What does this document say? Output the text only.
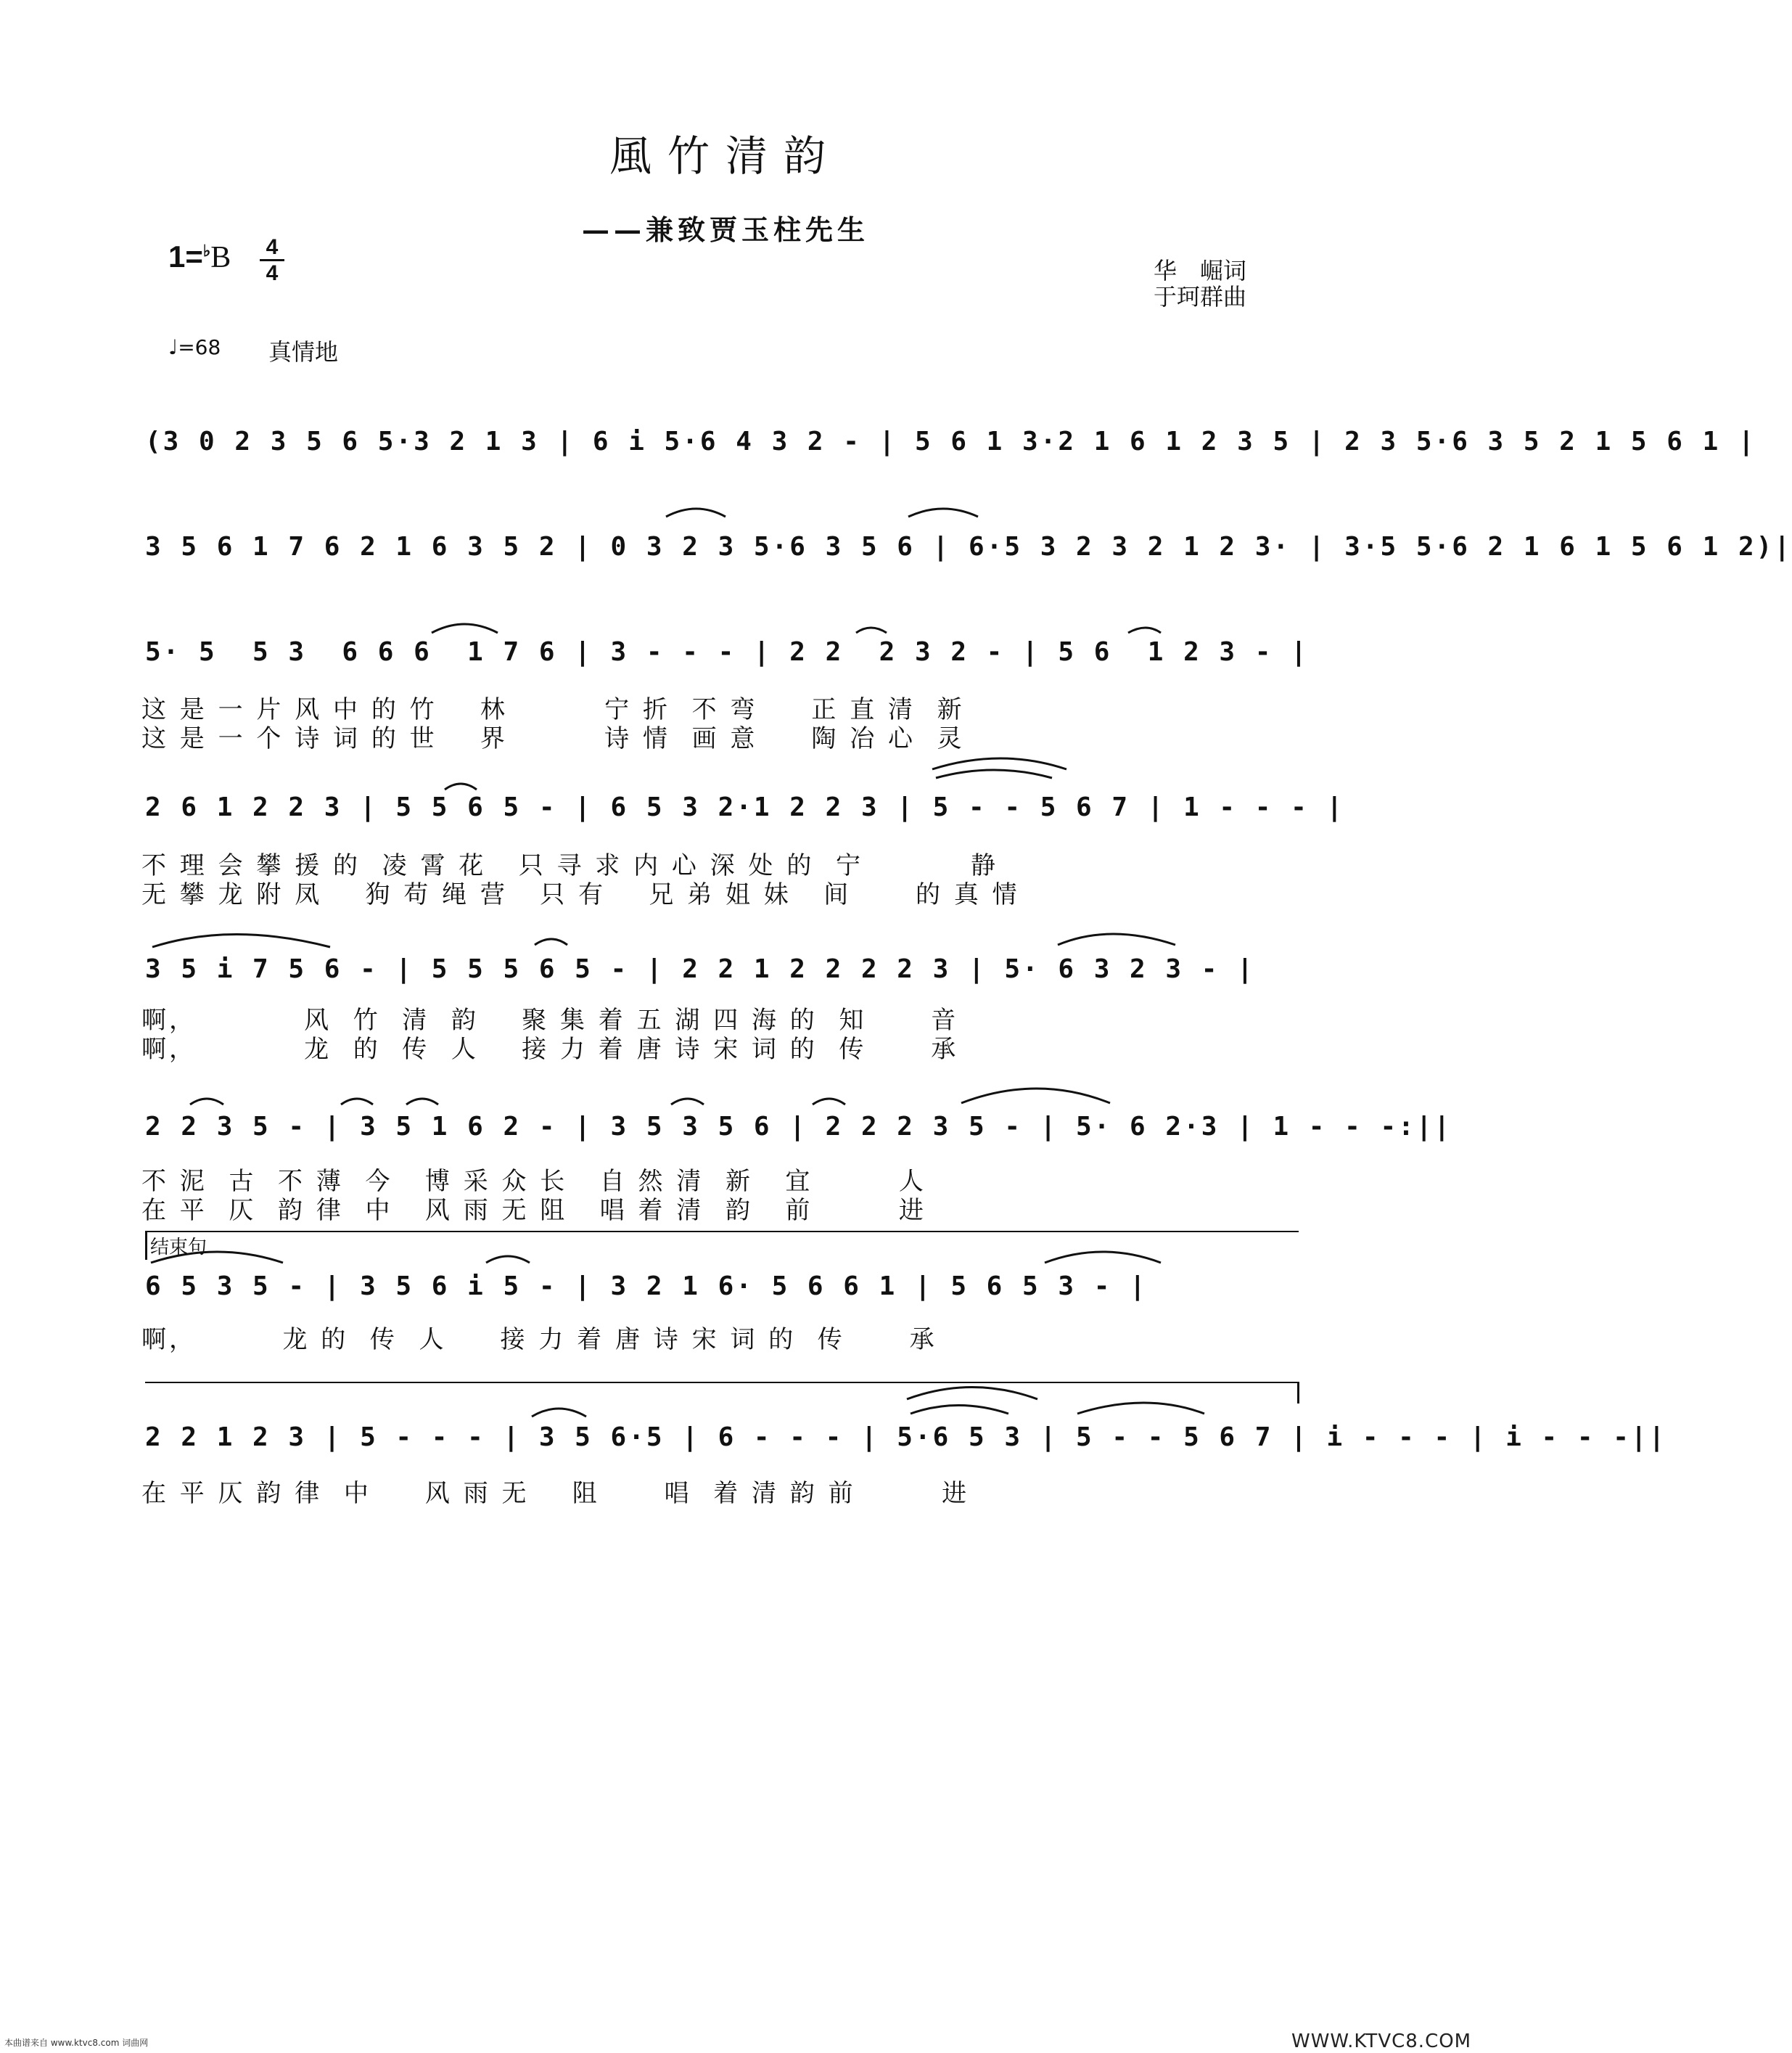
風竹清韵
——兼致贾玉柱先生
1=♭B 4
4	华　崛词
于珂群曲
♩=68 真情地
(3 0 2 3 5 6 5·3 2 1 3 | 6 i 5·6 4 3 2 - | 5 6 1 3·2 1 6 1 2 3 5 | 2 3 5·6 3 5 2 1 5 6 1 |
3 5 6 1 7 6 2 1 6 3 5 2 | 0 3 2 3 5·6 3 5 6 | 6·5 3 2 3 2 1 2 3· | 3·5 5·6 2 1 6 1 5 6 1 2)|
5· 5  5 3  6 6 6  1 7 6 | 3 - - - | 2 2  2 3 2 - | 5 6  1 2 3 - |
这 是 一 片 风 中 的 竹    林         宁 折  不 弯     正 直 清  新
这 是 一 个 诗 词 的 世    界         诗 情  画 意     陶 冶 心  灵
2 6 1 2 2 3 | 5 5 6 5 - | 6 5 3 2·1 2 2 3 | 5 - - 5 6 7 | 1 - - - |
不 理 会 攀 援 的  凌 霄 花   只 寻 求 内 心 深 处 的  宁          静
无 攀 龙 附 凤    狗 苟 绳 营   只 有    兄 弟 姐 妹   间      的 真 情
3 5 i 7 5 6 - | 5 5 5 6 5 - | 2 2 1 2 2 2 2 3 | 5· 6 3 2 3 - |
啊，          风  竹  清  韵    聚 集 着 五 湖 四 海 的  知      音
啊，          龙  的  传  人    接 力 着 唐 诗 宋 词 的  传      承
2 2 3 5 - | 3 5 1 6 2 - | 3 5 3 5 6 | 2 2 2 3 5 - | 5· 6 2·3 | 1 - - -:||
不 泥  古  不 薄  今   博 采 众 长   自 然 清  新   宜        人
在 平  仄  韵 律  中   风 雨 无 阻   唱 着 清  韵   前        进
结束句
6 5 3 5 - | 3 5 6 i 5 - | 3 2 1 6· 5 6 6 1 | 5 6 5 3 - |
啊，        龙 的  传  人     接 力 着 唐 诗 宋 词 的  传      承
2 2 1 2 3 | 5 - - - | 3 5 6·5 | 6 - - - | 5·6 5 3 | 5 - - 5 6 7 | i - - - | i - - -||
在 平 仄 韵 律  中     风 雨 无    阻      唱  着 清 韵 前        进
本曲谱来自 www.ktvc8.com 词曲网	WWW.KTVC8.COM
